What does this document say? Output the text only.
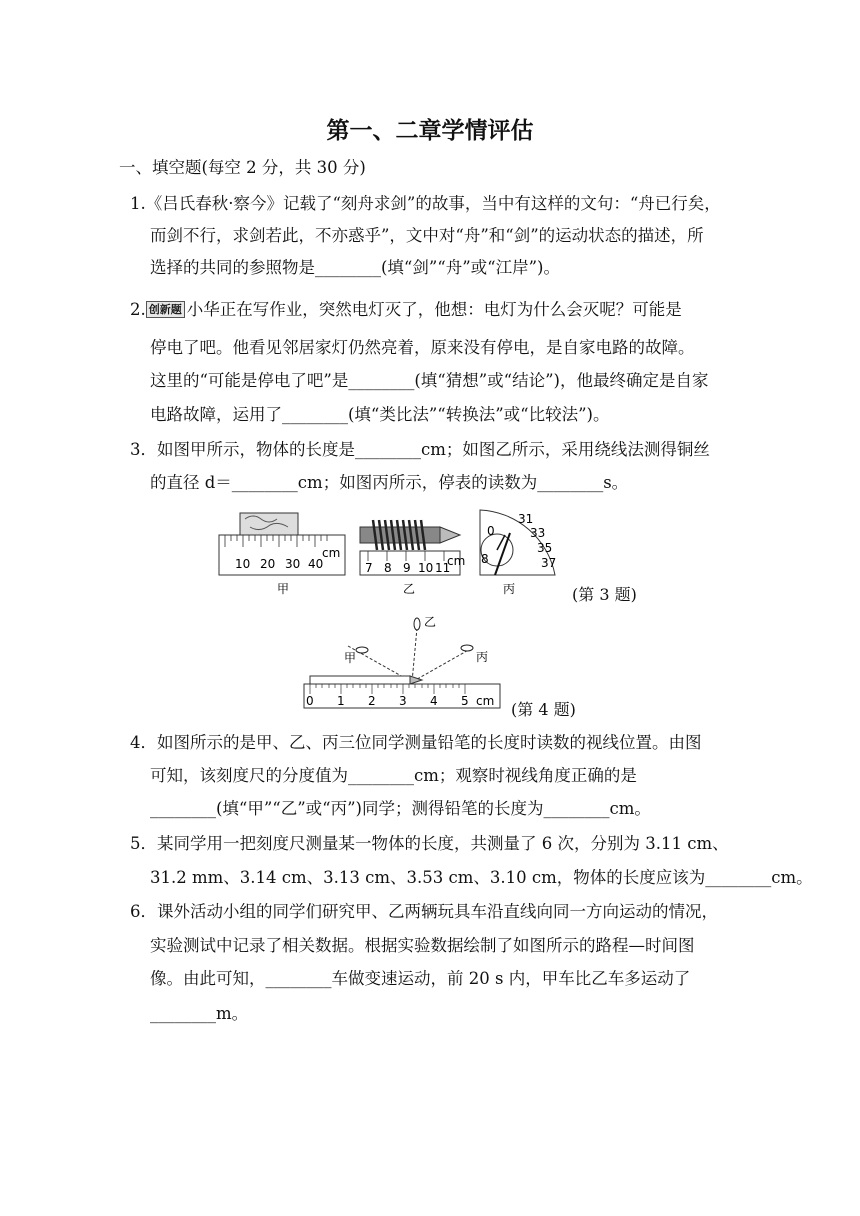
第一、二章学情评估
一、填空题(每空 2 分，共 30 分)
1.《吕氏春秋·察今》记载了“刻舟求剑”的故事，当中有这样的文句：“舟已行矣，
而剑不行，求剑若此，不亦惑乎”，文中对“舟”和“剑”的运动状态的描述，所
选择的共同的参照物是________(填“剑”“舟”或“江岸”)。
2. 创新题 小华正在写作业，突然电灯灭了，他想：电灯为什么会灭呢？可能是
停电了吧。他看见邻居家灯仍然亮着，原来没有停电，是自家电路的故障。
这里的“可能是停电了吧”是________(填“猜想”或“结论”)，他最终确定是自家
电路故障，运用了________(填“类比法”“转换法”或“比较法”)。
3．如图甲所示，物体的长度是________cm；如图乙所示，采用绕线法测得铜丝
的直径 d＝________cm；如图丙所示，停表的读数为________s。
10 20 30 40
cm
甲
7 8 9 10 11
cm
乙
0
8
31
33
35
37
丙	(第 3 题)
甲
乙
丙
0 1 2 3 4 5 cm (第 4 题)
4．如图所示的是甲、乙、丙三位同学测量铅笔的长度时读数的视线位置。由图
可知，该刻度尺的分度值为________cm；观察时视线角度正确的是
________(填“甲”“乙”或“丙”)同学；测得铅笔的长度为________cm。
5．某同学用一把刻度尺测量某一物体的长度，共测量了 6 次，分别为 3.11 cm、
31.2 mm、3.14 cm、3.13 cm、3.53 cm、3.10 cm，物体的长度应该为________cm。
6．课外活动小组的同学们研究甲、乙两辆玩具车沿直线向同一方向运动的情况，
实验测试中记录了相关数据。根据实验数据绘制了如图所示的路程—时间图
像。由此可知，________车做变速运动，前 20 s 内，甲车比乙车多运动了
________m。
